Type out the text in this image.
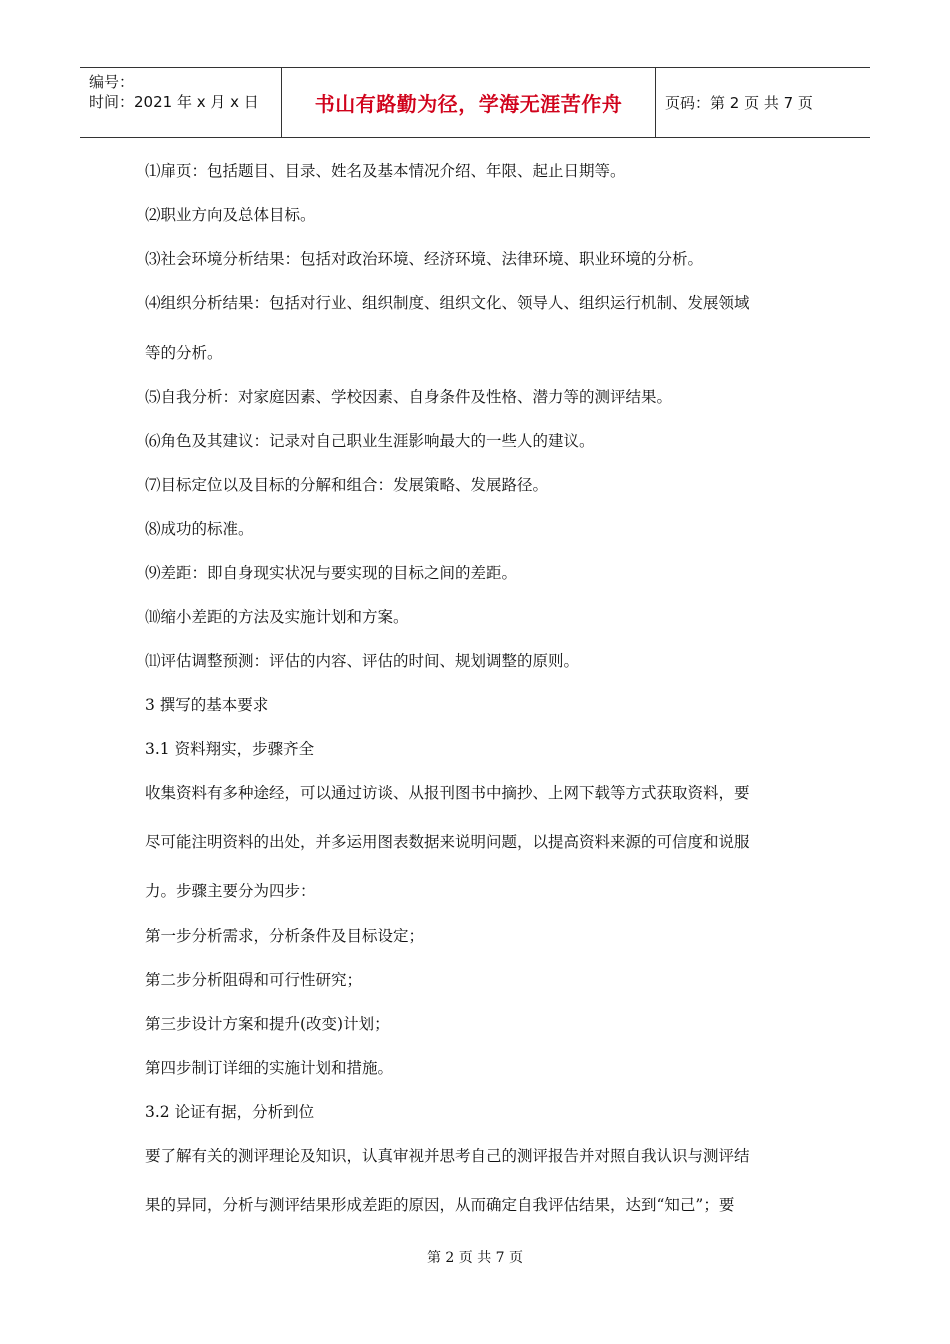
编号：
时间：2021 年 x 月 x 日	书山有路勤为径，学海无涯苦作舟	页码：第 2 页 共 7 页
⑴扉页：包括题目、目录、姓名及基本情况介绍、年限、起止日期等。
⑵职业方向及总体目标。
⑶社会环境分析结果：包括对政治环境、经济环境、法律环境、职业环境的分析。
⑷组织分析结果：包括对行业、组织制度、组织文化、领导人、组织运行机制、发展领域
等的分析。
⑸自我分析：对家庭因素、学校因素、自身条件及性格、潜力等的测评结果。
⑹角色及其建议：记录对自己职业生涯影响最大的一些人的建议。
⑺目标定位以及目标的分解和组合：发展策略、发展路径。
⑻成功的标准。
⑼差距：即自身现实状况与要实现的目标之间的差距。
⑽缩小差距的方法及实施计划和方案。
⑾评估调整预测：评估的内容、评估的时间、规划调整的原则。
3 撰写的基本要求
3.1 资料翔实，步骤齐全
收集资料有多种途经，可以通过访谈、从报刊图书中摘抄、上网下载等方式获取资料，要
尽可能注明资料的出处，并多运用图表数据来说明问题，以提高资料来源的可信度和说服
力。步骤主要分为四步：
第一步分析需求，分析条件及目标设定；
第二步分析阻碍和可行性研究；
第三步设计方案和提升(改变)计划；
第四步制订详细的实施计划和措施。
3.2 论证有据，分析到位
要了解有关的测评理论及知识，认真审视并思考自己的测评报告并对照自我认识与测评结
果的异同，分析与测评结果形成差距的原因，从而确定自我评估结果，达到“知己”；要
第 2 页 共 7 页
